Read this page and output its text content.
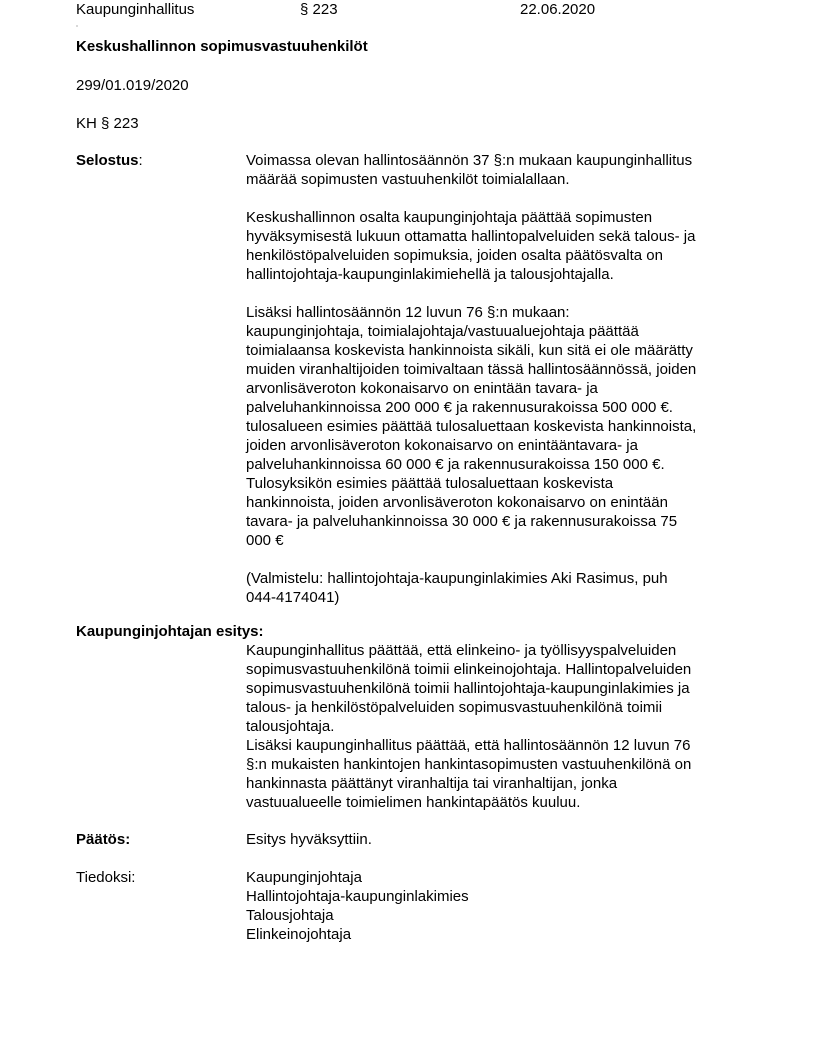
Kaupunginhallitus	§ 223	22.06.2020
Keskushallinnon sopimusvastuuhenkilöt
299/01.019/2020
KH § 223
Selostus:	Voimassa olevan hallintosäännön 37 §:n mukaan kaupunginhallitus

määrää sopimusten vastuuhenkilöt toimialallaan.

Keskushallinnon osalta kaupunginjohtaja päättää sopimusten

hyväksymisestä lukuun ottamatta hallintopalveluiden sekä talous- ja

henkilöstöpalveluiden sopimuksia, joiden osalta päätösvalta on

hallintojohtaja-kaupunginlakimiehellä ja talousjohtajalla.

Lisäksi hallintosäännön 12 luvun 76 §:n mukaan:

kaupunginjohtaja, toimialajohtaja/vastuualuejohtaja päättää

toimialaansa koskevista hankinnoista sikäli, kun sitä ei ole määrätty

muiden viranhaltijoiden toimivaltaan tässä hallintosäännössä, joiden

arvonlisäveroton kokonaisarvo on enintään tavara- ja

palveluhankinnoissa 200 000 € ja rakennusurakoissa 500 000 €.

tulosalueen esimies päättää tulosaluettaan koskevista hankinnoista,

joiden arvonlisäveroton kokonaisarvo on enintääntavara- ja

palveluhankinnoissa 60 000 € ja rakennusurakoissa 150 000 €.

Tulosyksikön esimies päättää tulosaluettaan koskevista

hankinnoista, joiden arvonlisäveroton kokonaisarvo on enintään

tavara- ja palveluhankinnoissa 30 000 € ja rakennusurakoissa 75

000 €

(Valmistelu: hallintojohtaja-kaupunginlakimies Aki Rasimus, puh

044-4174041)

Kaupunginjohtajan esitys:

Kaupunginhallitus päättää, että elinkeino- ja työllisyyspalveluiden

sopimusvastuuhenkilönä toimii elinkeinojohtaja. Hallintopalveluiden

sopimusvastuuhenkilönä toimii hallintojohtaja-kaupunginlakimies ja

talous- ja henkilöstöpalveluiden sopimusvastuuhenkilönä toimii

talousjohtaja.

Lisäksi kaupunginhallitus päättää, että hallintosäännön 12 luvun 76

§:n mukaisten hankintojen hankintasopimusten vastuuhenkilönä on

hankinnasta päättänyt viranhaltija tai viranhaltijan, jonka

vastuualueelle toimielimen hankintapäätös kuuluu.

Päätös:	Esitys hyväksyttiin.

Tiedoksi:	Kaupunginjohtaja
Hallintojohtaja-kaupunginlakimies
Talousjohtaja
Elinkeinojohtaja
